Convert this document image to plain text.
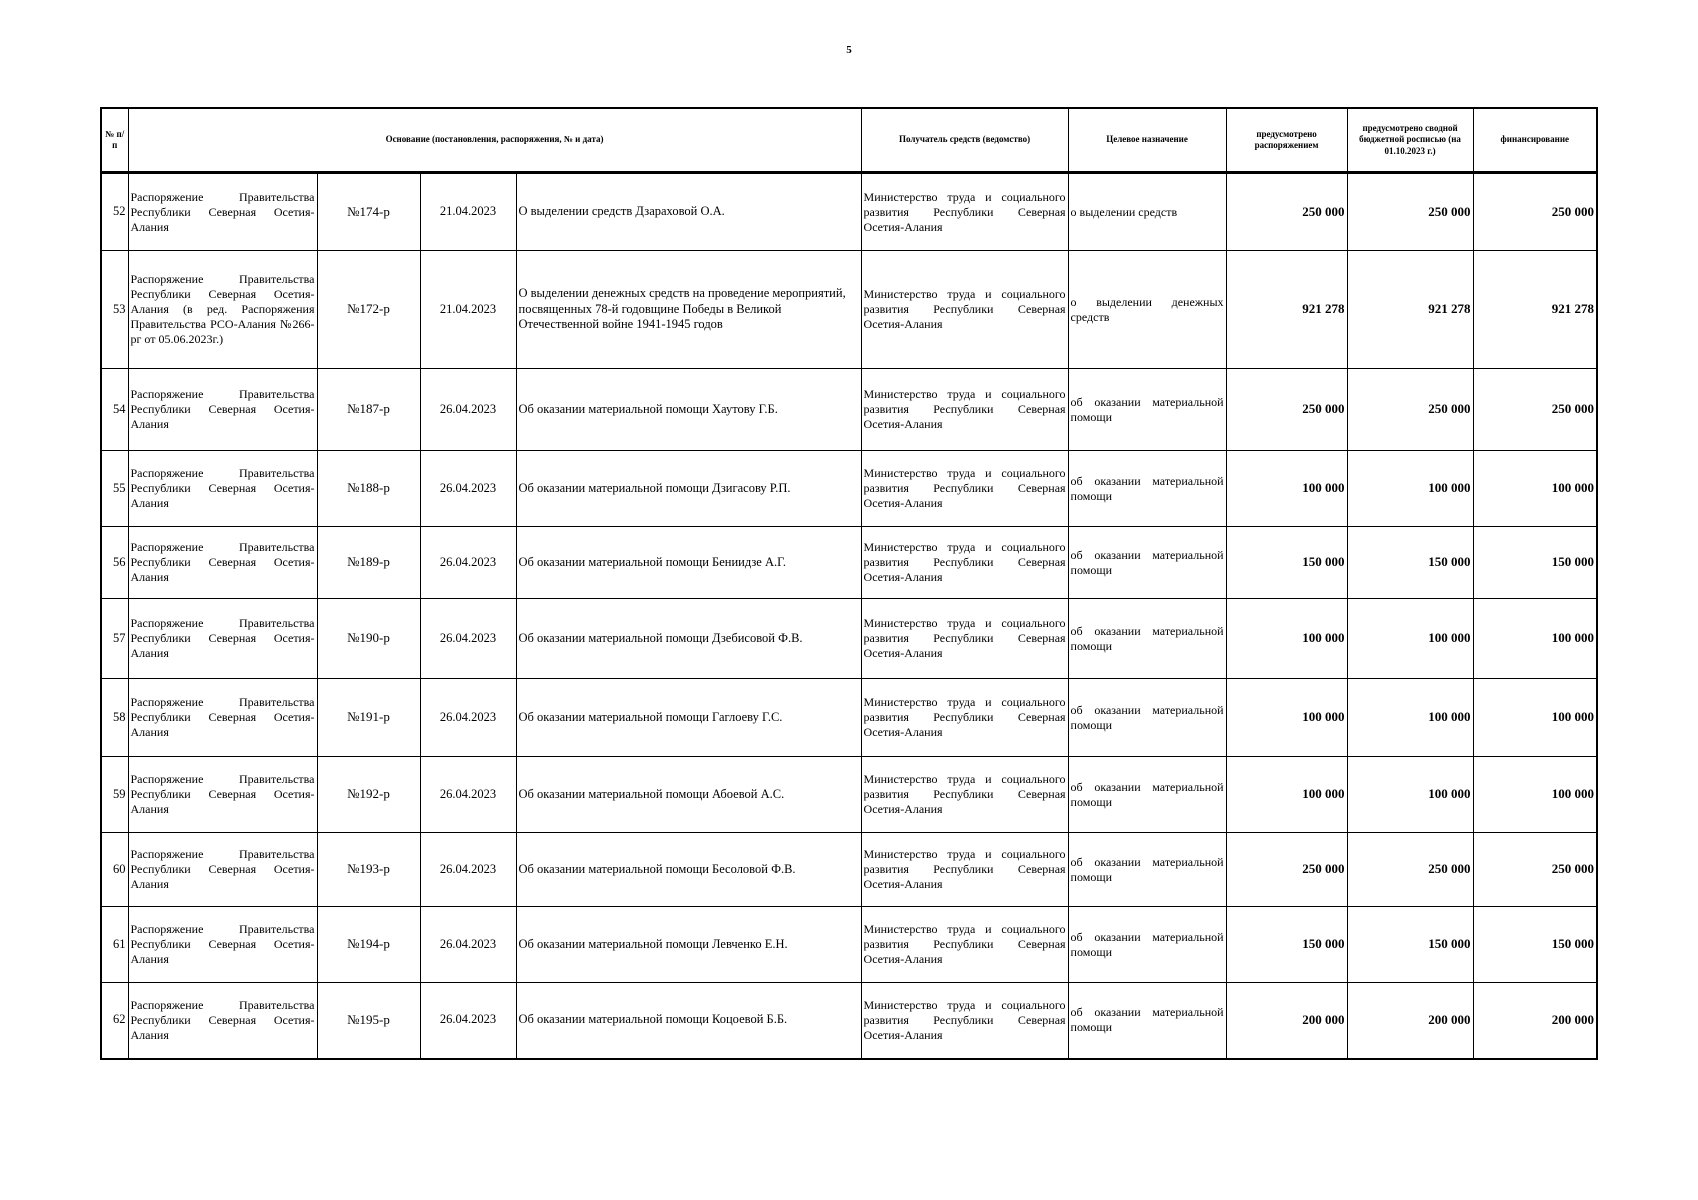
5
№ п/п	Основание (постановления, распоряжения, № и дата)				Получатель средств (ведомство)	Целевое назначение	предусмотрено распоряжением	предусмотрено сводной бюджетной росписью (на 01.10.2023 г.)	финансирование
52	Распоряжение Правительства Республики Северная Осетия-Алания	№174-р	21.04.2023	О выделении средств Дзараховой О.А.	Министерство труда и социального развития Республики Северная Осетия-Алания	о выделении средств	250 000	250 000	250 000
53	Распоряжение Правительства Республики Северная Осетия-Алания (в ред. Распоряжения Правительства РСО-Алания №266-рг от 05.06.2023г.)	№172-р	21.04.2023	О выделении денежных средств на проведение мероприятий, посвященных 78-й годовщине Победы в Великой Отечественной войне 1941-1945 годов	Министерство труда и социального развития Республики Северная Осетия-Алания	о выделении денежных средств	921 278	921 278	921 278
54	Распоряжение Правительства Республики Северная Осетия-Алания	№187-р	26.04.2023	Об оказании материальной помощи Хаутову Г.Б.	Министерство труда и социального развития Республики Северная Осетия-Алания	об оказании материальной помощи	250 000	250 000	250 000
55	Распоряжение Правительства Республики Северная Осетия-Алания	№188-р	26.04.2023	Об оказании материальной помощи Дзигасову Р.П.	Министерство труда и социального развития Республики Северная Осетия-Алания	об оказании материальной помощи	100 000	100 000	100 000
56	Распоряжение Правительства Республики Северная Осетия-Алания	№189-р	26.04.2023	Об оказании материальной помощи Бениидзе А.Г.	Министерство труда и социального развития Республики Северная Осетия-Алания	об оказании материальной помощи	150 000	150 000	150 000
57	Распоряжение Правительства Республики Северная Осетия-Алания	№190-р	26.04.2023	Об оказании материальной помощи Дзебисовой Ф.В.	Министерство труда и социального развития Республики Северная Осетия-Алания	об оказании материальной помощи	100 000	100 000	100 000
58	Распоряжение Правительства Республики Северная Осетия-Алания	№191-р	26.04.2023	Об оказании материальной помощи Гаглоеву Г.С.	Министерство труда и социального развития Республики Северная Осетия-Алания	об оказании материальной помощи	100 000	100 000	100 000
59	Распоряжение Правительства Республики Северная Осетия-Алания	№192-р	26.04.2023	Об оказании материальной помощи Абоевой А.С.	Министерство труда и социального развития Республики Северная Осетия-Алания	об оказании материальной помощи	100 000	100 000	100 000
60	Распоряжение Правительства Республики Северная Осетия-Алания	№193-р	26.04.2023	Об оказании материальной помощи Бесоловой Ф.В.	Министерство труда и социального развития Республики Северная Осетия-Алания	об оказании материальной помощи	250 000	250 000	250 000
61	Распоряжение Правительства Республики Северная Осетия-Алания	№194-р	26.04.2023	Об оказании материальной помощи Левченко Е.Н.	Министерство труда и социального развития Республики Северная Осетия-Алания	об оказании материальной помощи	150 000	150 000	150 000
62	Распоряжение Правительства Республики Северная Осетия-Алания	№195-р	26.04.2023	Об оказании материальной помощи Коцоевой Б.Б.	Министерство труда и социального развития Республики Северная Осетия-Алания	об оказании материальной помощи	200 000	200 000	200 000
